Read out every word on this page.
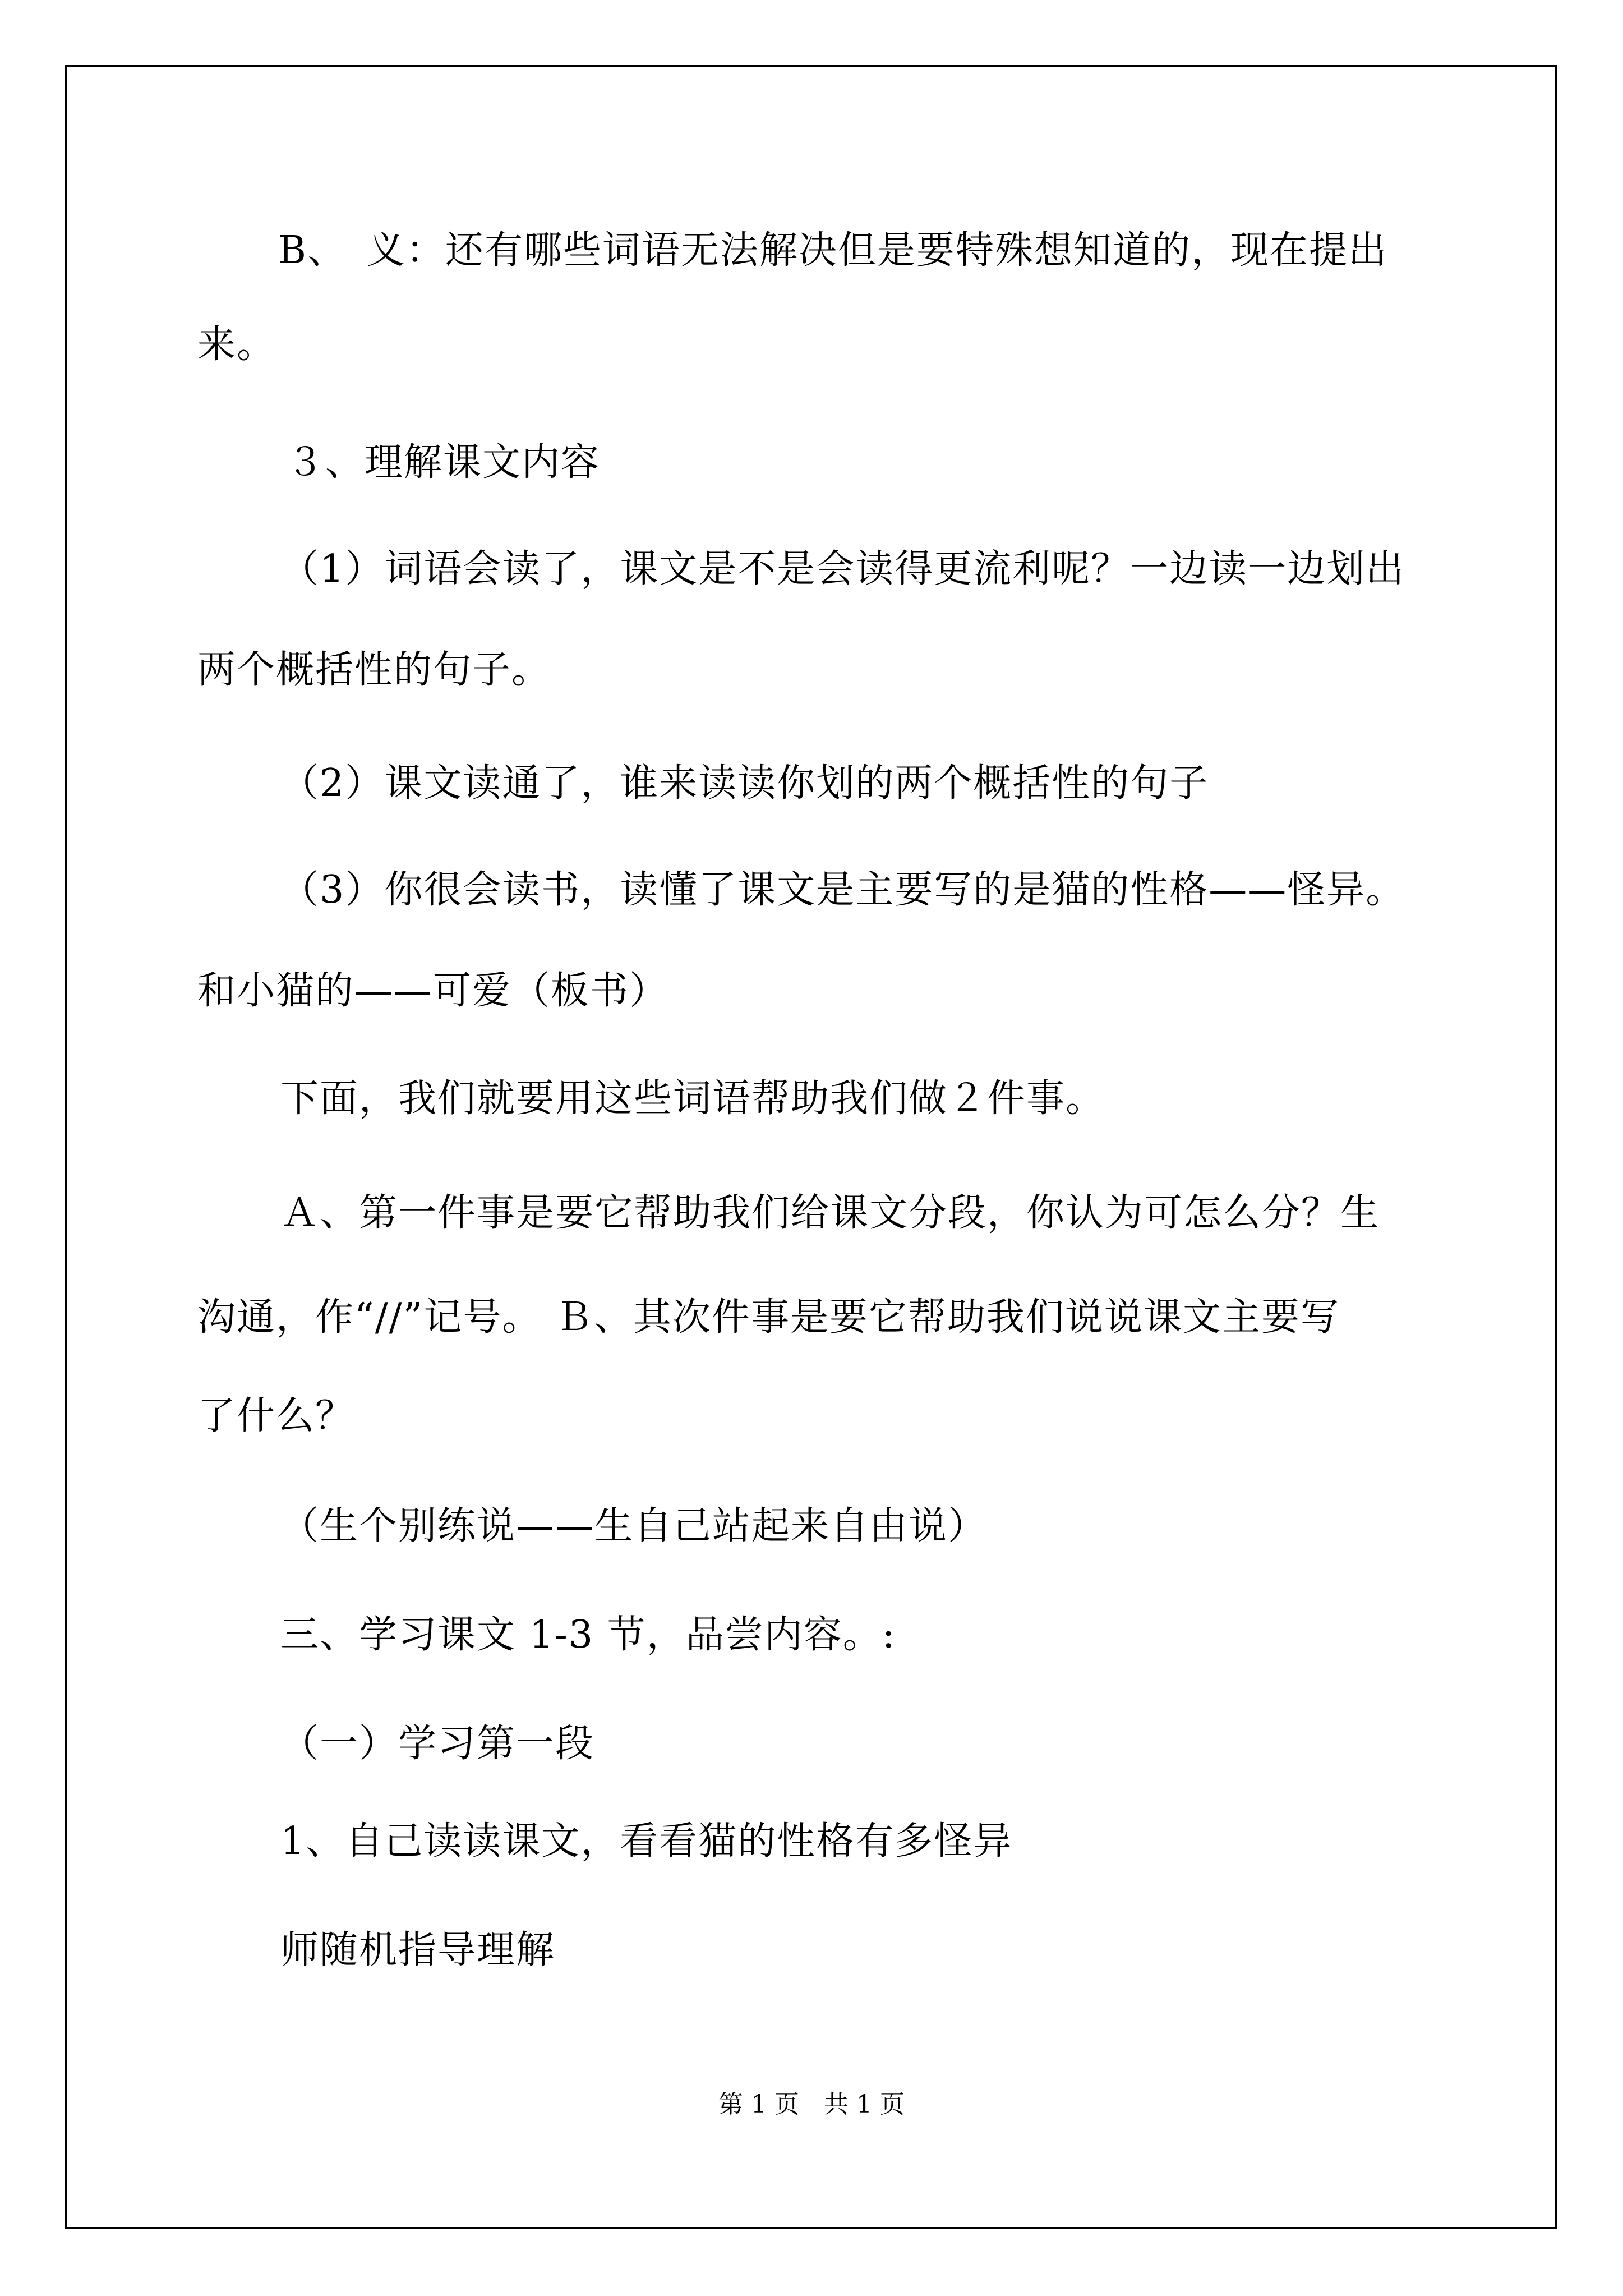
B、　义：还有哪些词语无法解决但是要特殊想知道的，现在提出
来。
３、理解课文内容
（1）词语会读了，课文是不是会读得更流利呢？一边读一边划出
两个概括性的句子。
（2）课文读通了，谁来读读你划的两个概括性的句子
（3）你很会读书，读懂了课文是主要写的是猫的性格——怪异。
和小猫的——可爱（板书）
下面，我们就要用这些词语帮助我们做２件事。
Ａ、第一件事是要它帮助我们给课文分段，你认为可怎么分？生
沟通，作“//”记号。 Ｂ、其次件事是要它帮助我们说说课文主要写
了什么？
（生个别练说——生自己站起来自由说）
三、学习课文 1-3 节，品尝内容。:
（一）学习第一段
1、自己读读课文，看看猫的性格有多怪异
师随机指导理解
第 1 页　共 1 页
